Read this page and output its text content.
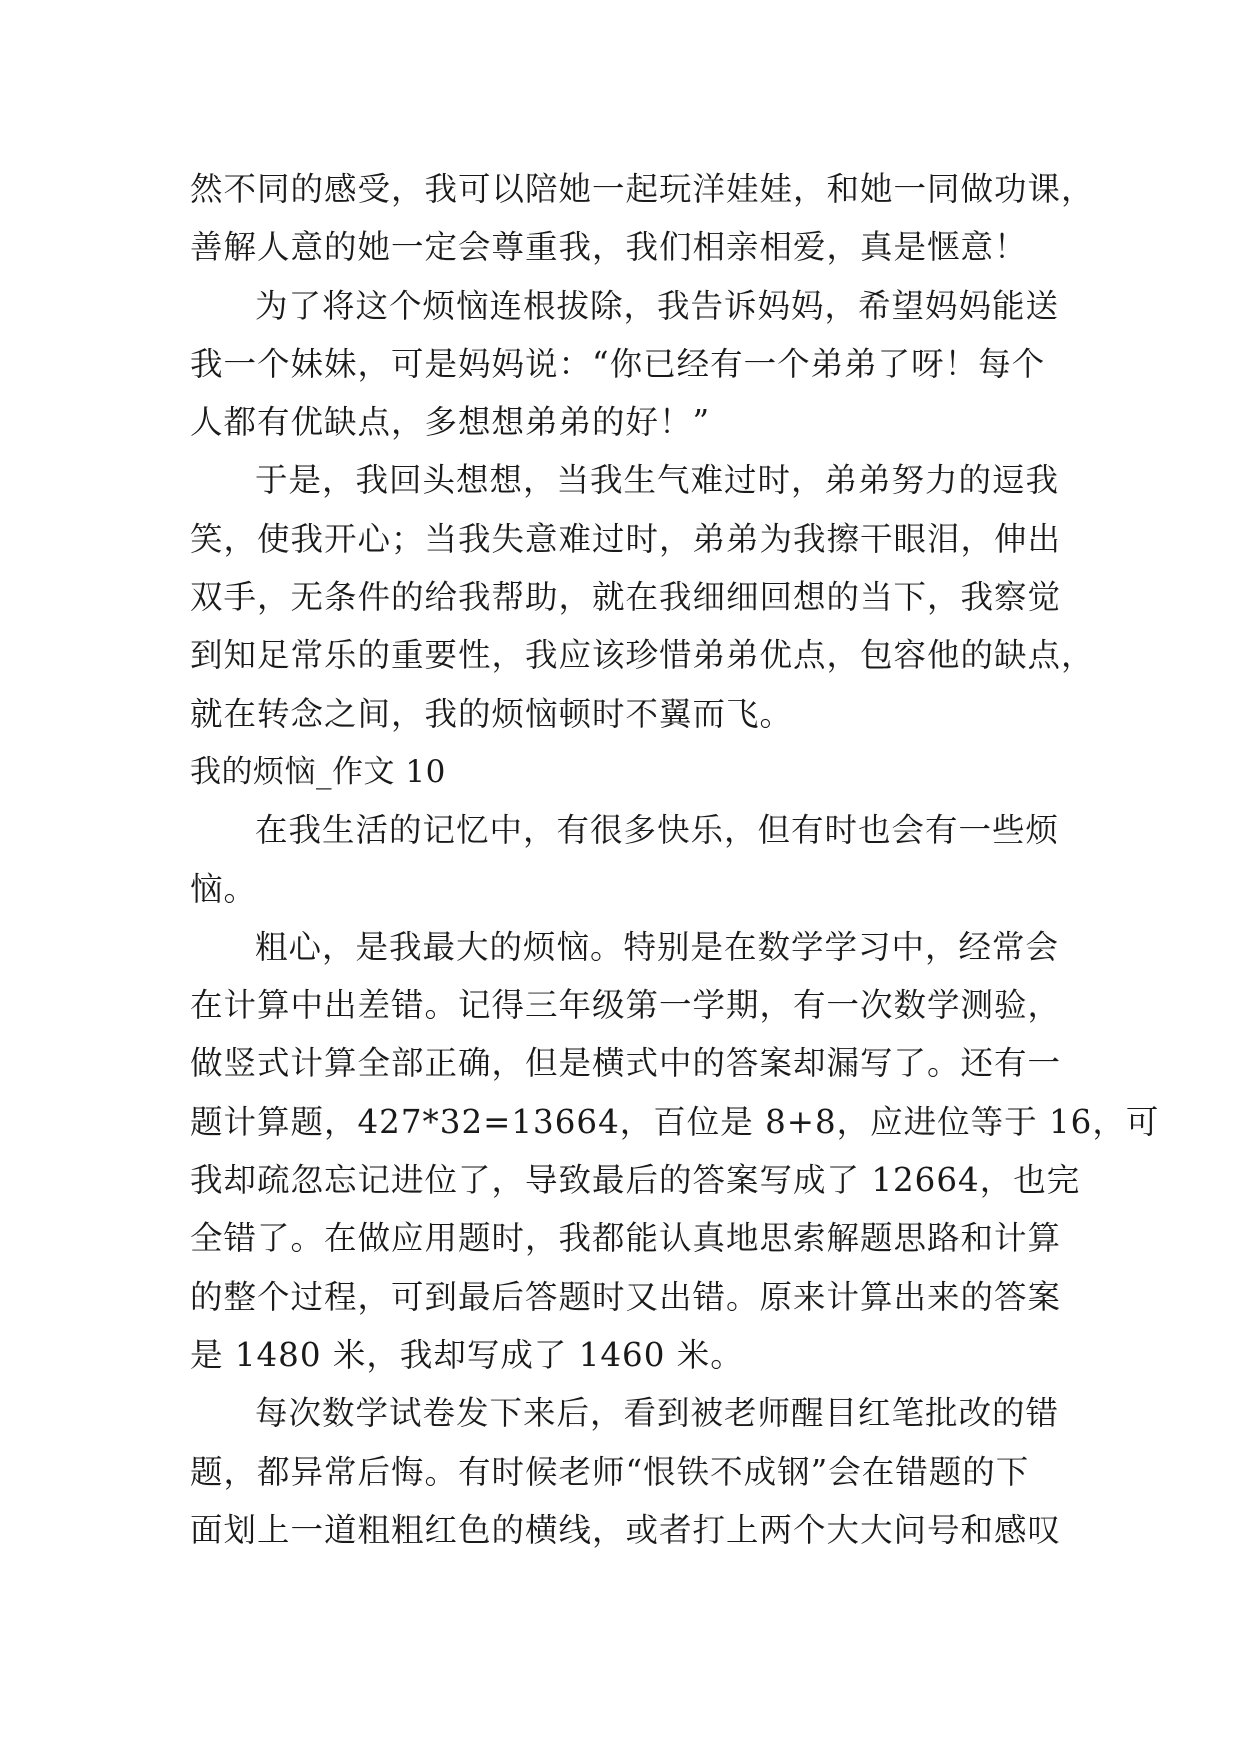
然不同的感受，我可以陪她一起玩洋娃娃，和她一同做功课，
善解人意的她一定会尊重我，我们相亲相爱，真是惬意！
为了将这个烦恼连根拔除，我告诉妈妈，希望妈妈能送
我一个妹妹，可是妈妈说：“你已经有一个弟弟了呀！每个
人都有优缺点，多想想弟弟的好！”
于是，我回头想想，当我生气难过时，弟弟努力的逗我
笑，使我开心；当我失意难过时，弟弟为我擦干眼泪，伸出
双手，无条件的给我帮助，就在我细细回想的当下，我察觉
到知足常乐的重要性，我应该珍惜弟弟优点，包容他的缺点，
就在转念之间，我的烦恼顿时不翼而飞。
我的烦恼_作文 10
在我生活的记忆中，有很多快乐，但有时也会有一些烦
恼。
粗心，是我最大的烦恼。特别是在数学学习中，经常会
在计算中出差错。记得三年级第一学期，有一次数学测验，
做竖式计算全部正确，但是横式中的答案却漏写了。还有一
题计算题，427*32=13664，百位是 8+8，应进位等于 16，可
我却疏忽忘记进位了，导致最后的答案写成了 12664，也完
全错了。在做应用题时，我都能认真地思索解题思路和计算
的整个过程，可到最后答题时又出错。原来计算出来的答案
是 1480 米，我却写成了 1460 米。
每次数学试卷发下来后，看到被老师醒目红笔批改的错
题，都异常后悔。有时候老师“恨铁不成钢”会在错题的下
面划上一道粗粗红色的横线，或者打上两个大大问号和感叹
